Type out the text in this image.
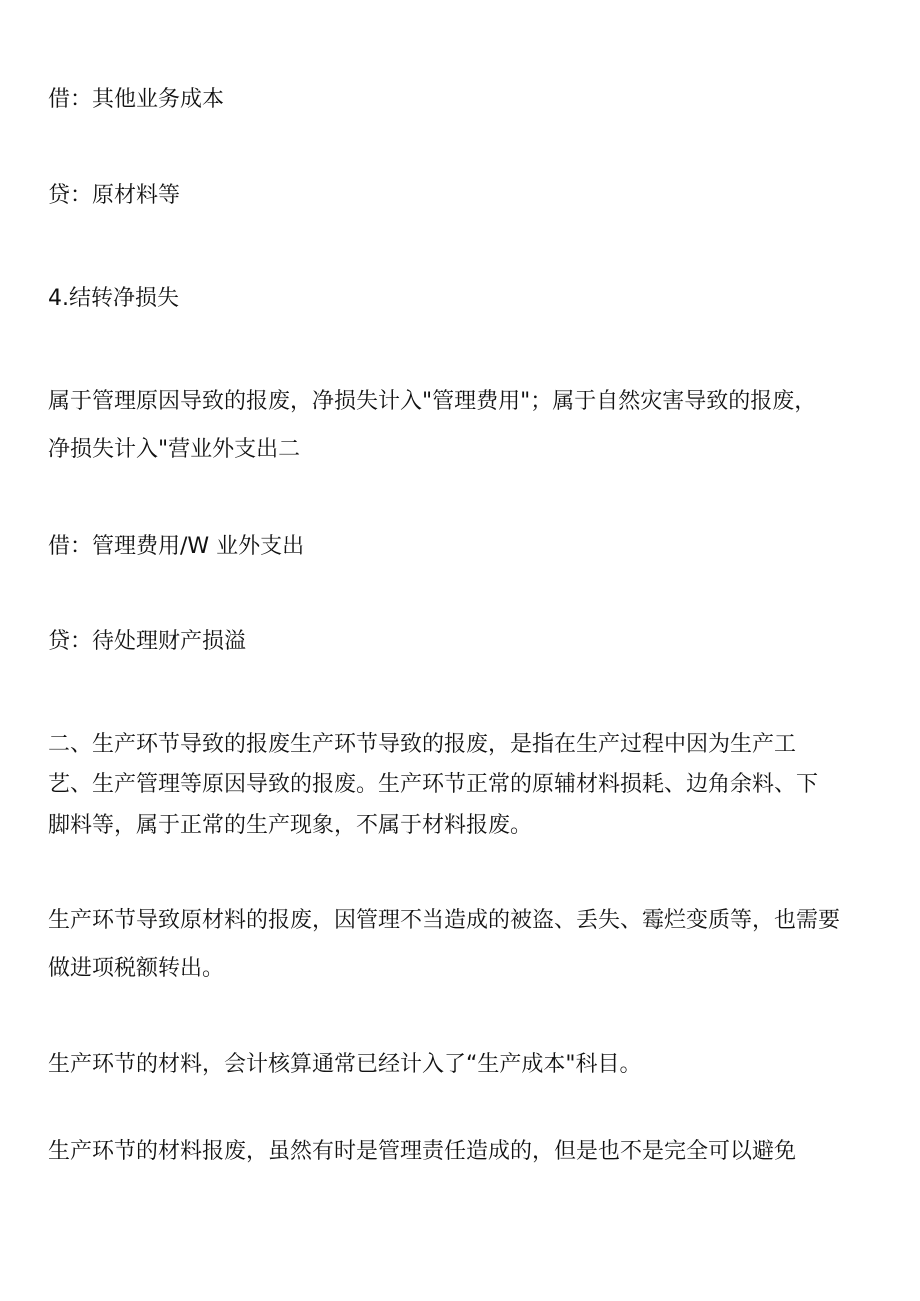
借：其他业务成本
贷：原材料等
4.结转净损失
属于管理原因导致的报废，净损失计入"管理费用"；属于自然灾害导致的报废，
净损失计入"营业外支出二
借：管理费用/W 业外支出
贷：待处理财产损溢
二、生产环节导致的报废生产环节导致的报废，是指在生产过程中因为生产工
艺、生产管理等原因导致的报废。生产环节正常的原辅材料损耗、边角余料、下
脚料等，属于正常的生产现象，不属于材料报废。
生产环节导致原材料的报废，因管理不当造成的被盗、丢失、霉烂变质等，也需要
做进项税额转出。
生产环节的材料，会计核算通常已经计入了“生产成本"科目。
生产环节的材料报废，虽然有时是管理责任造成的，但是也不是完全可以避免
